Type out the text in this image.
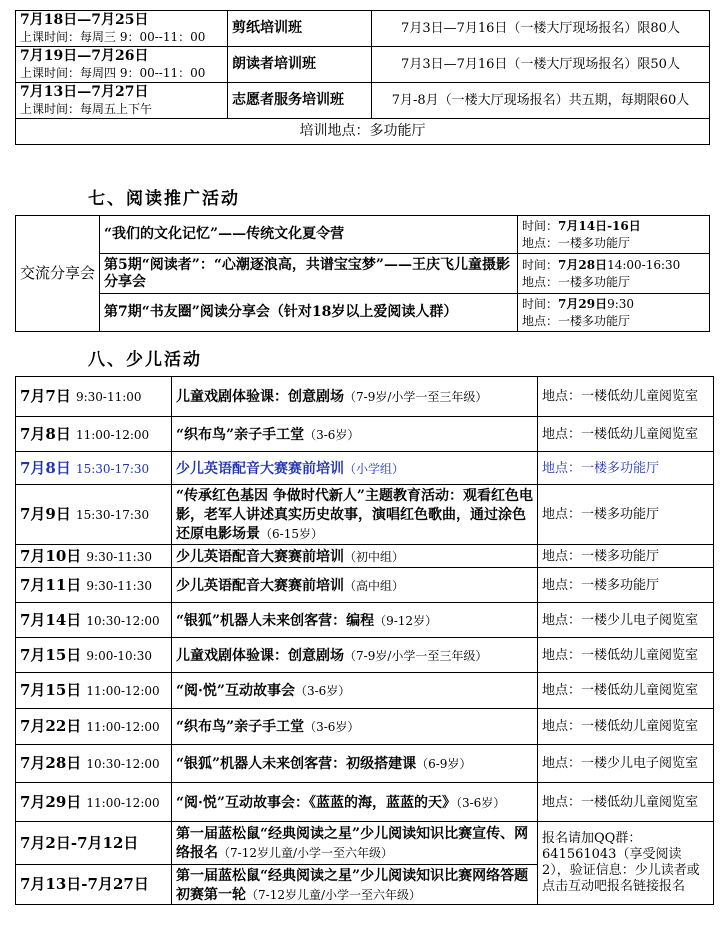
7月18日—7月25日
上课时间：每周三 9：00--11：00	剪纸培训班	7月3日—7月16日（一楼大厅现场报名）限80人

7月19日—7月26日
上课时间：每周四 9：00--11：00	朗读者培训班	7月3日—7月16日（一楼大厅现场报名）限50人

7月13日—7月27日
上课时间：每周五上下午	志愿者服务培训班	7月-8月（一楼大厅现场报名）共五期，每期限60人
培训地点：多功能厅		
七、阅读推广活动
交流分享会	“我们的文化记忆”——传统文化夏令营	时间：7月14日-16日
地点：一楼多功能厅

	第5期“阅读者”：“心潮逐浪高，共谱宝宝梦”——王庆飞儿童摄影分享会	时间：7月28日14:00-16:30
地点：一楼多功能厅

	第7期“书友圈”阅读分享会（针对18岁以上爱阅读人群）	时间：7月29日9:30
地点：一楼多功能厅
八、少儿活动
7月7日 9:30-11:00	儿童戏剧体验课：创意剧场（7-9岁/小学一至三年级）	地点：一楼低幼儿童阅览室
7月8日 11:00-12:00	“织布鸟”亲子手工堂（3-6岁）	地点：一楼低幼儿童阅览室
7月8日 15:30-17:30	少儿英语配音大赛赛前培训（小学组）	地点：一楼多功能厅
7月9日 15:30-17:30	“传承红色基因 争做时代新人”主题教育活动：观看红色电影，老军人讲述真实历史故事，演唱红色歌曲，通过涂色还原电影场景（6-15岁）	地点：一楼多功能厅
7月10日 9:30-11:30	少儿英语配音大赛赛前培训（初中组）	地点：一楼多功能厅
7月11日 9:30-11:30	少儿英语配音大赛赛前培训（高中组）	地点：一楼多功能厅
7月14日 10:30-12:00	“银狐”机器人未来创客营：编程（9-12岁）	地点：一楼少儿电子阅览室
7月15日 9:00-10:30	儿童戏剧体验课：创意剧场（7-9岁/小学一至三年级）	地点：一楼低幼儿童阅览室
7月15日 11:00-12:00	“阅·悦”互动故事会（3-6岁）	地点：一楼低幼儿童阅览室
7月22日 11:00-12:00	“织布鸟”亲子手工堂（3-6岁）	地点：一楼低幼儿童阅览室
7月28日 10:30-12:00	“银狐”机器人未来创客营：初级搭建课（6-9岁）	地点：一楼少儿电子阅览室
7月29日 11:00-12:00	“阅·悦”互动故事会：《蓝蓝的海，蓝蓝的天》（3-6岁）	地点：一楼低幼儿童阅览室
7月2日-7月12日	第一届蓝松鼠“经典阅读之星”少儿阅读知识比赛宣传、网络报名（7-12岁儿童/小学一至六年级）	报名请加QQ群：641561043（享受阅读2），验证信息：少儿读者或点击互动吧报名链接报名
7月13日-7月27日	第一届蓝松鼠“经典阅读之星”少儿阅读知识比赛网络答题初赛第一轮（7-12岁儿童/小学一至六年级）	
